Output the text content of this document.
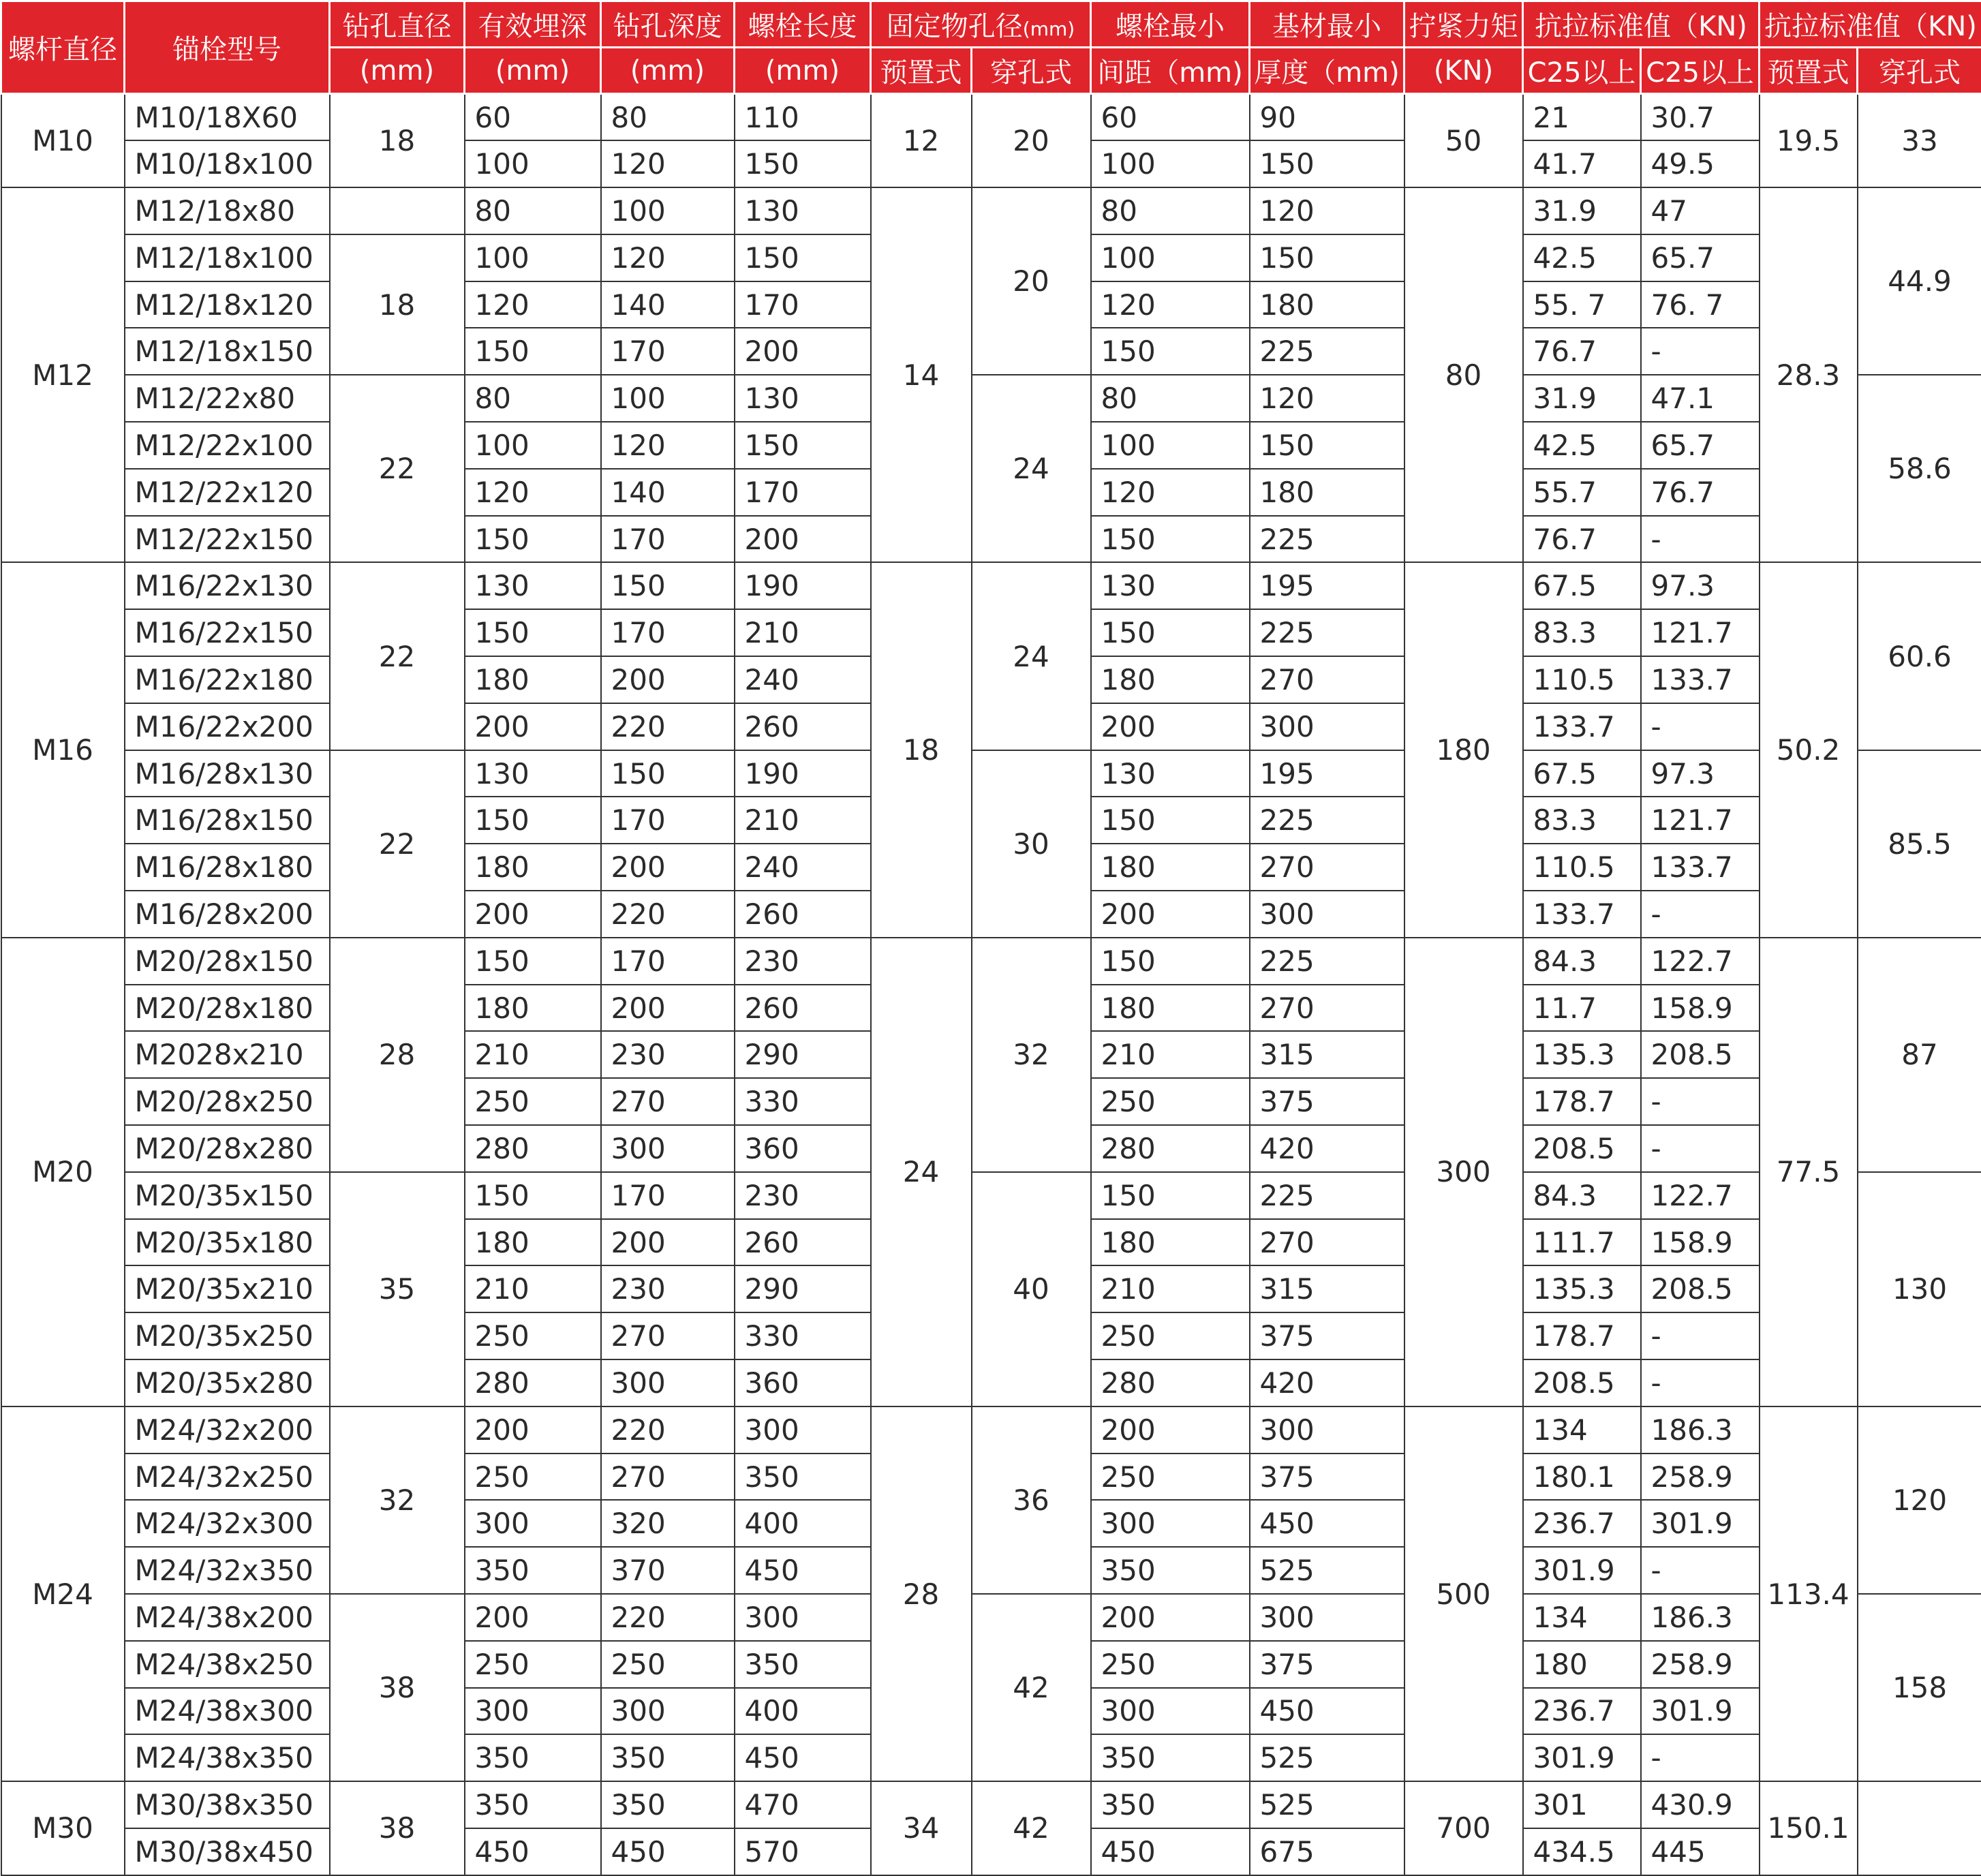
螺杆直径	锚栓型号	钻孔直径	有效埋深	钻孔深度	螺栓长度	固定物孔径(mm)		螺栓最小	基材最小	拧紧力矩	抗拉标准值（KN)		抗拉标准值（KN)	
		(mm)	(mm)	(mm)	(mm)	预置式	穿孔式	间距（mm)	厚度（mm)	(KN)	C25以上	C25以上	预置式	穿孔式
M10	M10/18X60	18	60	80	110	12	20	60	90	50	21	30.7	19.5	33
	M10/18x100		100	120	150			100	150		41.7	49.5		
M12	M12/18x80		80	100	130	14	20	80	120	80	31.9	47	28.3	44.9
	M12/18x100	18	100	120	150			100	150		42.5	65.7		
	M12/18x120		120	140	170			120	180		55. 7	76. 7		
	M12/18x150		150	170	200			150	225		76.7	-		
	M12/22x80	22	80	100	130		24	80	120		31.9	47.1		58.6
	M12/22x100		100	120	150			100	150		42.5	65.7		
	M12/22x120		120	140	170			120	180		55.7	76.7		
	M12/22x150		150	170	200			150	225		76.7	-		
M16	M16/22x130	22	130	150	190	18	24	130	195	180	67.5	97.3	50.2	60.6
	M16/22x150		150	170	210			150	225		83.3	121.7		
	M16/22x180		180	200	240			180	270		110.5	133.7		
	M16/22x200		200	220	260			200	300		133.7	-		
	M16/28x130	22	130	150	190		30	130	195		67.5	97.3		85.5
	M16/28x150		150	170	210			150	225		83.3	121.7		
	M16/28x180		180	200	240			180	270		110.5	133.7		
	M16/28x200		200	220	260			200	300		133.7	-		
M20	M20/28x150	28	150	170	230	24	32	150	225	300	84.3	122.7	77.5	87
	M20/28x180		180	200	260			180	270		11.7	158.9		
	M2028x210		210	230	290			210	315		135.3	208.5		
	M20/28x250		250	270	330			250	375		178.7	-		
	M20/28x280		280	300	360			280	420		208.5	-		
	M20/35x150	35	150	170	230		40	150	225		84.3	122.7		130
	M20/35x180		180	200	260			180	270		111.7	158.9		
	M20/35x210		210	230	290			210	315		135.3	208.5		
	M20/35x250		250	270	330			250	375		178.7	-		
	M20/35x280		280	300	360			280	420		208.5	-		
M24	M24/32x200	32	200	220	300	28	36	200	300	500	134	186.3	113.4	120
	M24/32x250		250	270	350			250	375		180.1	258.9		
	M24/32x300		300	320	400			300	450		236.7	301.9		
	M24/32x350		350	370	450			350	525		301.9	-		
	M24/38x200	38	200	220	300		42	200	300		134	186.3		158
	M24/38x250		250	250	350			250	375		180	258.9		
	M24/38x300		300	300	400			300	450		236.7	301.9		
	M24/38x350		350	350	450			350	525		301.9	-		
M30	M30/38x350	38	350	350	470	34	42	350	525	700	301	430.9	150.1	
	M30/38x450		450	450	570			450	675		434.5	445		
